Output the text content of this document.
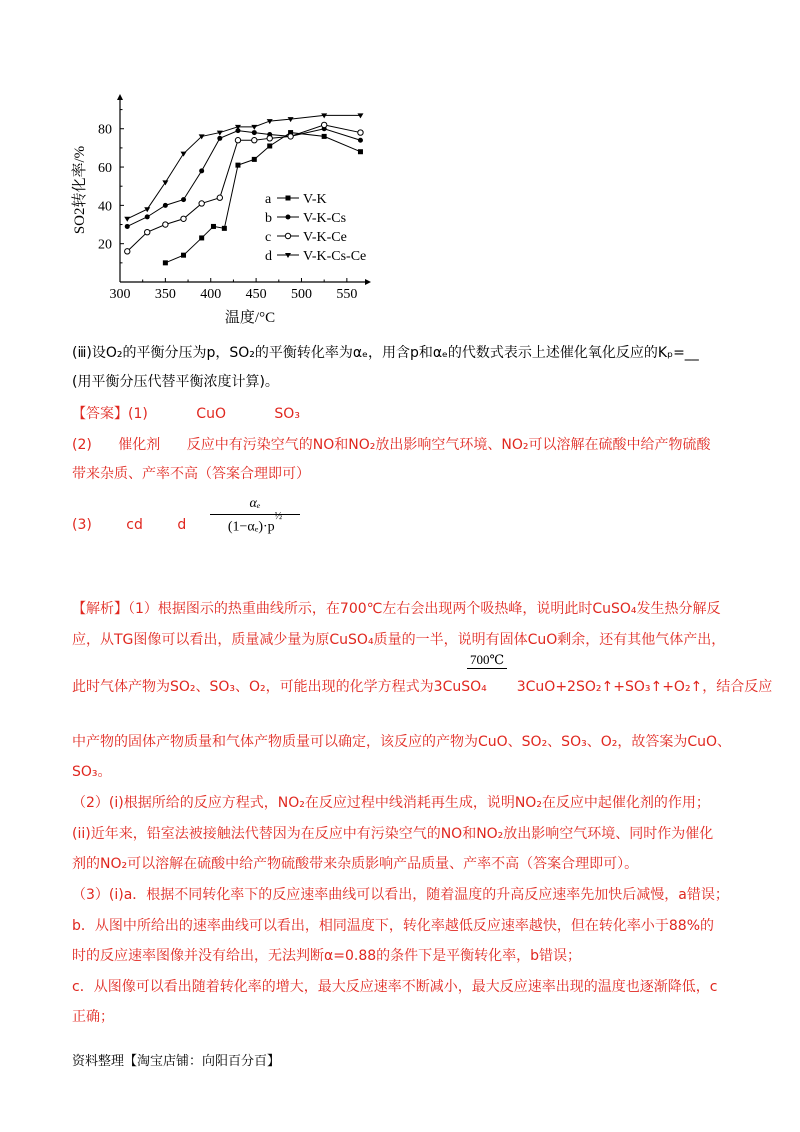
300 350 400 450 500 550
20
40
60
80
a V-K
b V-K-Cs
c V-K-Ce
d V-K-Cs-Ce
温度/°C
SO2转化率/%
(ⅲ)设O₂的平衡分压为p，SO₂的平衡转化率为αₑ，用含p和αₑ的代数式表示上述催化氧化反应的Kₚ=__
(用平衡分压代替平衡浓度计算)。
【答案】(1)	CuO	SO₃
(2) 催化剂 反应中有污染空气的NO和NO₂放出影响空气环境、NO₂可以溶解在硫酸中给产物硫酸
带来杂质、产率不高（答案合理即可）
(3) cd d
αₑ
$(1-\alpha_e)\cdot p^{\frac{1}{2}}$
【解析】（1）根据图示的热重曲线所示，在700℃左右会出现两个吸热峰，说明此时CuSO₄发生热分解反
应，从TG图像可以看出，质量减少量为原CuSO₄质量的一半，说明有固体CuO剩余，还有其他气体产出，
700℃
此时气体产物为SO₂、SO₃、O₂，可能出现的化学方程式为3CuSO₄ 3CuO+2SO₂↑+SO₃↑+O₂↑，结合反应
中产物的固体产物质量和气体产物质量可以确定，该反应的产物为CuO、SO₂、SO₃、O₂，故答案为CuO、
SO₃。
（2）(i)根据所给的反应方程式，NO₂在反应过程中线消耗再生成，说明NO₂在反应中起催化剂的作用；
(ii)近年来，铅室法被接触法代替因为在反应中有污染空气的NO和NO₂放出影响空气环境、同时作为催化
剂的NO₂可以溶解在硫酸中给产物硫酸带来杂质影响产品质量、产率不高（答案合理即可）。
（3）(i)a．根据不同转化率下的反应速率曲线可以看出，随着温度的升高反应速率先加快后减慢，a错误；
b．从图中所给出的速率曲线可以看出，相同温度下，转化率越低反应速率越快，但在转化率小于88%的
时的反应速率图像并没有给出，无法判断α=0.88的条件下是平衡转化率，b错误；
c．从图像可以看出随着转化率的增大，最大反应速率不断减小，最大反应速率出现的温度也逐渐降低，c
正确；
资料整理【淘宝店铺：向阳百分百】
